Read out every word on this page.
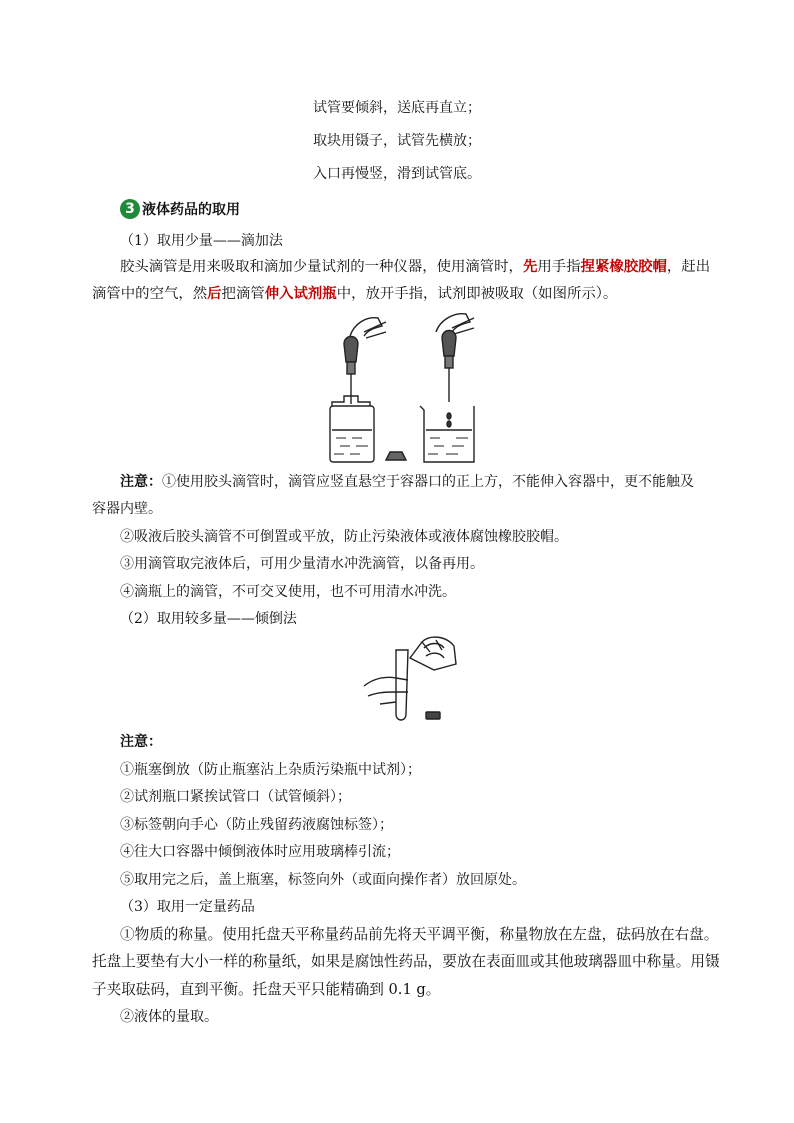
试管要倾斜，送底再直立；
取块用镊子，试管先横放；
入口再慢竖，滑到试管底。
3 液体药品的取用
（1）取用少量——滴加法
胶头滴管是用来吸取和滴加少量试剂的一种仪器，使用滴管时，先用手指捏紧橡胶胶帽，赶出
滴管中的空气，然后把滴管伸入试剂瓶中，放开手指，试剂即被吸取（如图所示）。
注意：①使用胶头滴管时，滴管应竖直悬空于容器口的正上方，不能伸入容器中，更不能触及
容器内壁。
②吸液后胶头滴管不可倒置或平放，防止污染液体或液体腐蚀橡胶胶帽。
③用滴管取完液体后，可用少量清水冲洗滴管，以备再用。
④滴瓶上的滴管，不可交叉使用，也不可用清水冲洗。
（2）取用较多量——倾倒法
注意：
①瓶塞倒放（防止瓶塞沾上杂质污染瓶中试剂）；
②试剂瓶口紧挨试管口（试管倾斜）；
③标签朝向手心（防止残留药液腐蚀标签）；
④往大口容器中倾倒液体时应用玻璃棒引流；
⑤取用完之后，盖上瓶塞，标签向外（或面向操作者）放回原处。
（3）取用一定量药品
①物质的称量。使用托盘天平称量药品前先将天平调平衡，称量物放在左盘，砝码放在右盘。
托盘上要垫有大小一样的称量纸，如果是腐蚀性药品，要放在表面皿或其他玻璃器皿中称量。用镊
子夹取砝码，直到平衡。托盘天平只能精确到 0.1 g。
②液体的量取。
